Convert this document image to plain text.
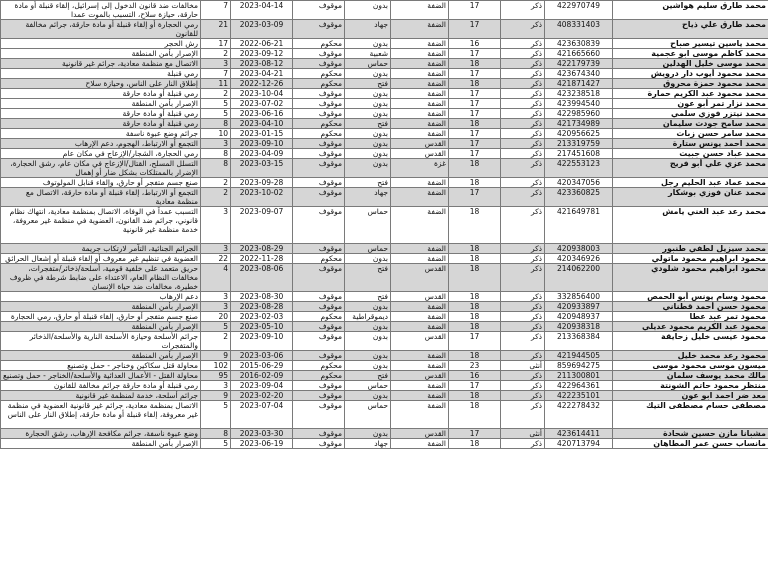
محمد طارق سليم هواشين	422970749	ذكر	17	الضفة	بدون	موقوف	2023-04-14	7	مخالفات ضد قانون الدخول إلى إسرائيل، إلقاء قنبلة أو مادة حارقة، حيازة سلاح، التسبب بالموت عمدا
محمد طارق علي ذياح	408331403	ذكر	17	الضفة	جهاد	موقوف	2023-03-09	21	رمي الحجارة أو إلقاء قنبلة أو مادة حارقة، جرائم مخالفة للقانون
محمد ياسين تيسير صباح	423630839	ذكر	16	الضفة	بدون	محكوم	2022-06-21	17	رش الحجر
محمد كاظم موسى ابو عجمية	421665660	ذكر	17	الضفة	شعبية	موقوف	2023-09-12	2	الإصرار بأمن المنطقة
محمد موسى خليل الهدلين	422179739	ذكر	18	الضفة	حماس	موقوف	2023-08-12	3	الاتصال مع منظمة معادية، جرائم غير قانونية
محمد محمود أيوب دار درويش	423674340	ذكر	17	الضفة	بدون	محكوم	2023-04-21	7	رمي قنبلة
محمد محمود حمزة محروق	421871427	ذكر	18	الضفة	فتح	محكوم	2022-12-26	11	إطلاق النار على الناس، وحيازة سلاح
محمد محمود عبد الكريم حمارة	423238518	ذكر	17	الضفة	بدون	موقوف	2023-10-04	2	رمي قنبلة أو مادة حارقة
محمد نزار تمر أبو عون	423994540	ذكر	17	الضفة	بدون	موقوف	2023-07-02	5	الإصرار بأمن المنطقة
محمد نيتزر فوزي سلمي	422985960	ذكر	17	الضفة	بدون	موقوف	2023-06-16	5	رمي قنبلة أو مادة حارقة
محمد سامح جودت سليمان	421734989	ذكر	18	الضفة	فتح	محكوم	2023-04-10	8	رمي قنبلة أو مادة حارقة
محمد سامر حسن زبات	420956625	ذكر	17	الضفة	بدون	محكوم	2023-01-15	10	جرائم وضع عبوة ناسفة
محمد احمد يونس ستارة	213319759	ذكر	17	القدس	بدون	موقوف	2023-09-10	3	التجمع أو الارتباط، الهجوم، دعم الإرهاب
محمد عباد حسن جبيت	217451608	ذكر	17	القدس	بدون	موقوف	2023-04-09	8	رمي الحجارة، الشجار/الإزعاج في مكان عام
محمد عزي علي أبو فريج	422553123	ذكر	18	غزة	بدون	موقوف	2023-03-15	8	التسلل المسلح، القتال/الإزعاج في مكان عام، رشق الحجارة، الإضرار بالممتلكات بشكل ضار أو إهمال
محمد عماد عبد الحليم رجل	420347056	ذكر	18	الضفة	فتح	موقوف	2023-09-28	2	صنع جسم متفجر أو حارق، وإلقاء قنابل المولوتوف
محمد عنان فوزي بوشكار	423360825	ذكر	17	الضفة	جهاد	موقوف	2023-10-02	2	التجمع أو الارتباط، إلقاء قنبلة أو مادة حارقة، الاتصال مع منظمة معادية
محمد رعد عبد الغني يامش	421649781	ذكر	18	الضفة	حماس	موقوف	2023-09-07	3	التسبب عمداً في الوفاة، الاتصال بمنظمة معادية، انتهاك نظام قانوني، جرائم ضد القانون، العضوية في منظمة غير معروفة، خدمة منظمة غير قانونية
محمد سيزيل لطفي طنبور	420938003	ذكر	18	الضفة	حماس	موقوف	2023-08-29	3	الجرائم الجنائية، التآمر لارتكاب جريمة
محمود ابراهيم محمود ماتولي	420346926	ذكر	18	الضفة	بدون	محكوم	2022-11-28	22	العضوية في تنظيم غير معروف أو إلقاء قنبلة أو إشعال الحرائق
محمود ابراهيم محمود شلودي	214062200	ذكر	18	القدس	فتح	موقوف	2023-08-06	4	حريق متعمد على خلفية قومية، أسلحة/ذخائر/متفجرات، مخالفات النظام العام، الاعتداء على ضابط شرطة في ظروف خطيرة، مخالفات ضد حياة الإنسان
محمود وسام يونس أبو الحمص	332856400	ذكر	18	القدس	فتح	موقوف	2023-08-30	3	دعم الإرهاب
محمود حسن أحمد قطناني	420933897	ذكر	18	الضفة	بدون	موقوف	2023-08-28	3	الإصرار بأمن المنطقة
محمود تمر عبد عطا	420948937	ذكر	18	الضفة	ديموقراطية	محكوم	2023-02-03	20	صنع جسم متفجر أو حارق، إلقاء قنبلة أو حارق، رمي الحجارة
محمود عبد الكريم محمود عديلي	420938318	ذكر	18	الضفة	بدون	موقوف	2023-05-10	5	الإصرار بأمن المنطقة
محمود عيسى خليل زحايقة	213368384	ذكر	17	القدس	بدون	موقوف	2023-09-10	2	جرائم الأسلحة وحيازة الأسلحة النارية والأسلحة/الذخائر والمتفجرات
محمود رعد محمد خليل	421944505	ذكر	18	الضفة	بدون	موقوف	2023-03-06	9	الإصرار بأمن المنطقة
ميسون موسى محمود موسى	859694275	أنثى	23	الضفة	بدون	محكوم	2015-06-29	102	محاولة قتل سكاكين وخناجر - حمل وتصنيع
مالك محمد يوسف سلمان	211300801	ذكر	16	القدس	فتح	محكوم	2016-02-09	95	محاولة القتل - الأعمال العدائية والأسلحة/الخناجر - حمل وتصنيع
منتظر محمود حاتم الشونتة	422964361	ذكر	17	الضفة	حماس	موقوف	2023-09-04	3	رمي قنبلة أو مادة حارقة جرائم مخالفة للقانون
معد ضر احمد ابو عون	422235101	ذكر	18	الضفة	بدون	موقوف	2023-02-20	9	جرائم أسلحة، خدمة لمنظمة غير قانونية
مصطفى حسام مصطفى التيك	422278432	ذكر	18	الضفة	حماس	موقوف	2023-07-04	5	الاتصال بمنظمة معادية، جرائم غير قانونية العضوية في منظمة غير معروفة، إلقاء قنبلة أو مادة حارقة، إطلاق النار على الناس
مشبانا مازن حسين شحادة	423614411	أنثى	17	القدس	بدون	موقوف	2023-03-30	8	وضع عبوة ناسفة، جرائم مكافحة الإرهاب، رشق الحجارة
مانساب حسن عمر المطاهان	420713794	ذكر	18	الضفة	جهاد	موقوف	2023-06-19	5	الإصرار بأمن المنطقة
